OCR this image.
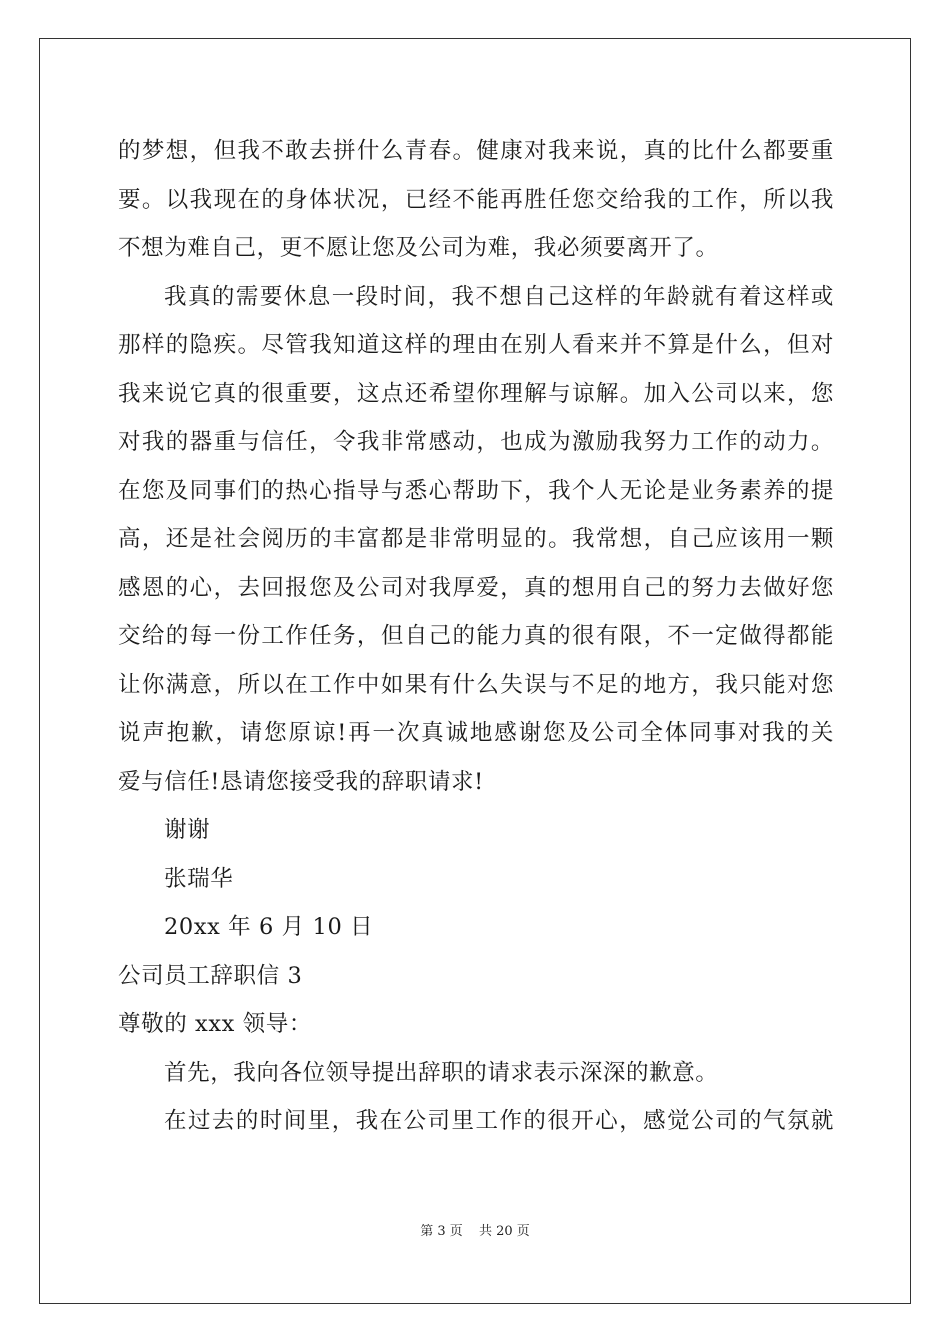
的梦想，但我不敢去拼什么青春。健康对我来说，真的比什么都要重
要。以我现在的身体状况，已经不能再胜任您交给我的工作，所以我
不想为难自己，更不愿让您及公司为难，我必须要离开了。
我真的需要休息一段时间，我不想自己这样的年龄就有着这样或
那样的隐疾。尽管我知道这样的理由在别人看来并不算是什么，但对
我来说它真的很重要，这点还希望你理解与谅解。加入公司以来，您
对我的器重与信任，令我非常感动，也成为激励我努力工作的动力。
在您及同事们的热心指导与悉心帮助下，我个人无论是业务素养的提
高，还是社会阅历的丰富都是非常明显的。我常想，自己应该用一颗
感恩的心，去回报您及公司对我厚爱，真的想用自己的努力去做好您
交给的每一份工作任务，但自己的能力真的很有限，不一定做得都能
让你满意，所以在工作中如果有什么失误与不足的地方，我只能对您
说声抱歉，请您原谅!再一次真诚地感谢您及公司全体同事对我的关
爱与信任!恳请您接受我的辞职请求!
谢谢
张瑞华
20xx 年 6 月 10 日
公司员工辞职信 3
尊敬的 xxx 领导：
首先，我向各位领导提出辞职的请求表示深深的歉意。
在过去的时间里，我在公司里工作的很开心，感觉公司的气氛就
第 3 页 共 20 页
